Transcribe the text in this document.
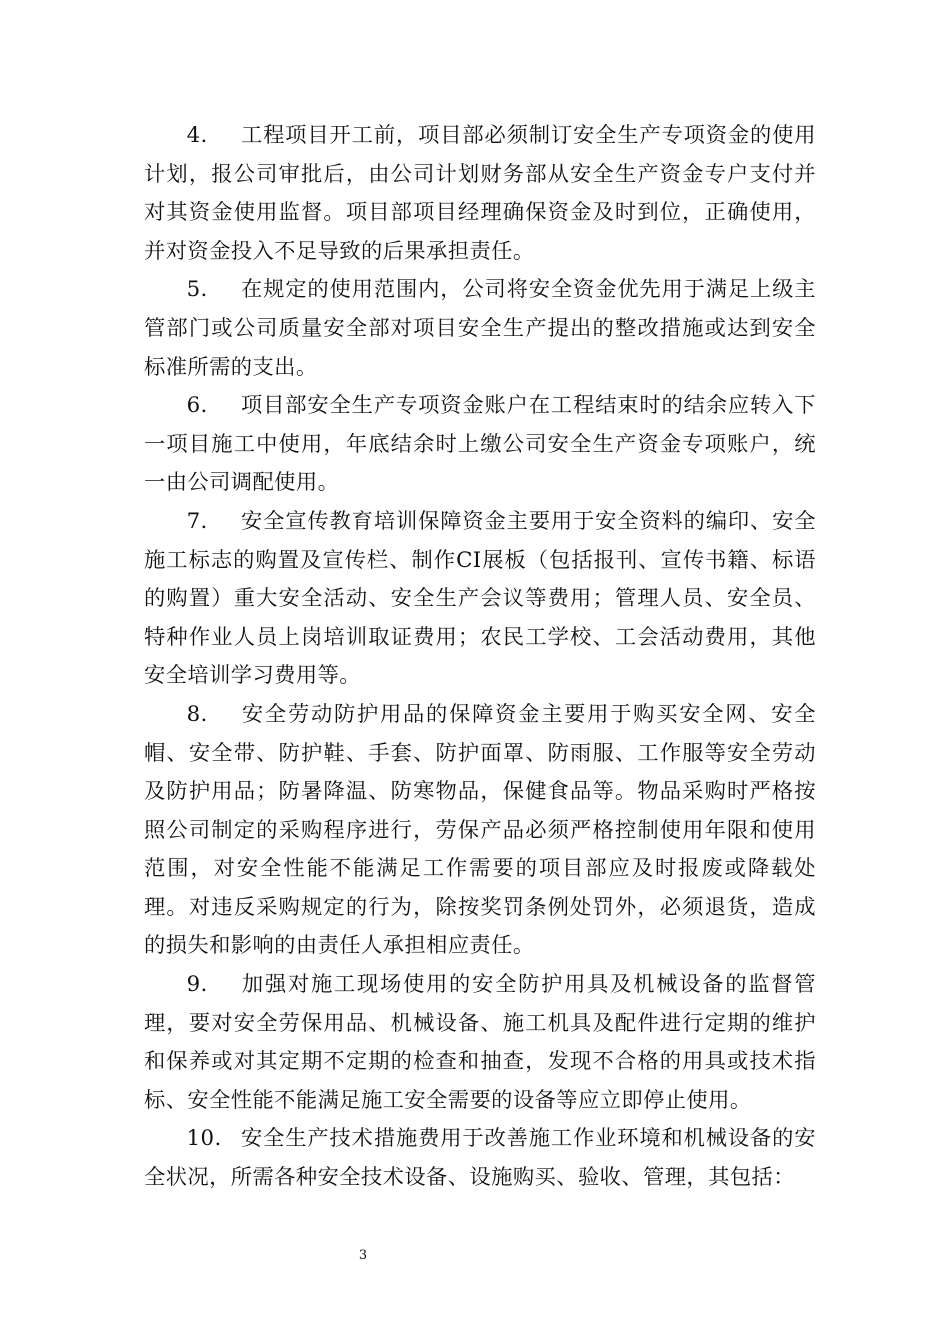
4. 工程项目开工前，项目部必须制订安全生产专项资金的使用计划，报公司审批后，由公司计划财务部从安全生产资金专户支付并对其资金使用监督。项目部项目经理确保资金及时到位，正确使用，并对资金投入不足导致的后果承担责任。

5. 在规定的使用范围内，公司将安全资金优先用于满足上级主管部门或公司质量安全部对项目安全生产提出的整改措施或达到安全标准所需的支出。

6. 项目部安全生产专项资金账户在工程结束时的结余应转入下一项目施工中使用，年底结余时上缴公司安全生产资金专项账户，统一由公司调配使用。

7. 安全宣传教育培训保障资金主要用于安全资料的编印、安全施工标志的购置及宣传栏、制作CI展板（包括报刊、宣传书籍、标语的购置）重大安全活动、安全生产会议等费用；管理人员、安全员、特种作业人员上岗培训取证费用；农民工学校、工会活动费用，其他安全培训学习费用等。

8. 安全劳动防护用品的保障资金主要用于购买安全网、安全帽、安全带、防护鞋、手套、防护面罩、防雨服、工作服等安全劳动及防护用品；防暑降温、防寒物品，保健食品等。物品采购时严格按照公司制定的采购程序进行，劳保产品必须严格控制使用年限和使用范围，对安全性能不能满足工作需要的项目部应及时报废或降载处理。对违反采购规定的行为，除按奖罚条例处罚外，必须退货，造成的损失和影响的由责任人承担相应责任。

9. 加强对施工现场使用的安全防护用具及机械设备的监督管理，要对安全劳保用品、机械设备、施工机具及配件进行定期的维护和保养或对其定期不定期的检查和抽查，发现不合格的用具或技术指标、安全性能不能满足施工安全需要的设备等应立即停止使用。

10. 安全生产技术措施费用于改善施工作业环境和机械设备的安全状况，所需各种安全技术设备、设施购买、验收、管理，其包括：

3
